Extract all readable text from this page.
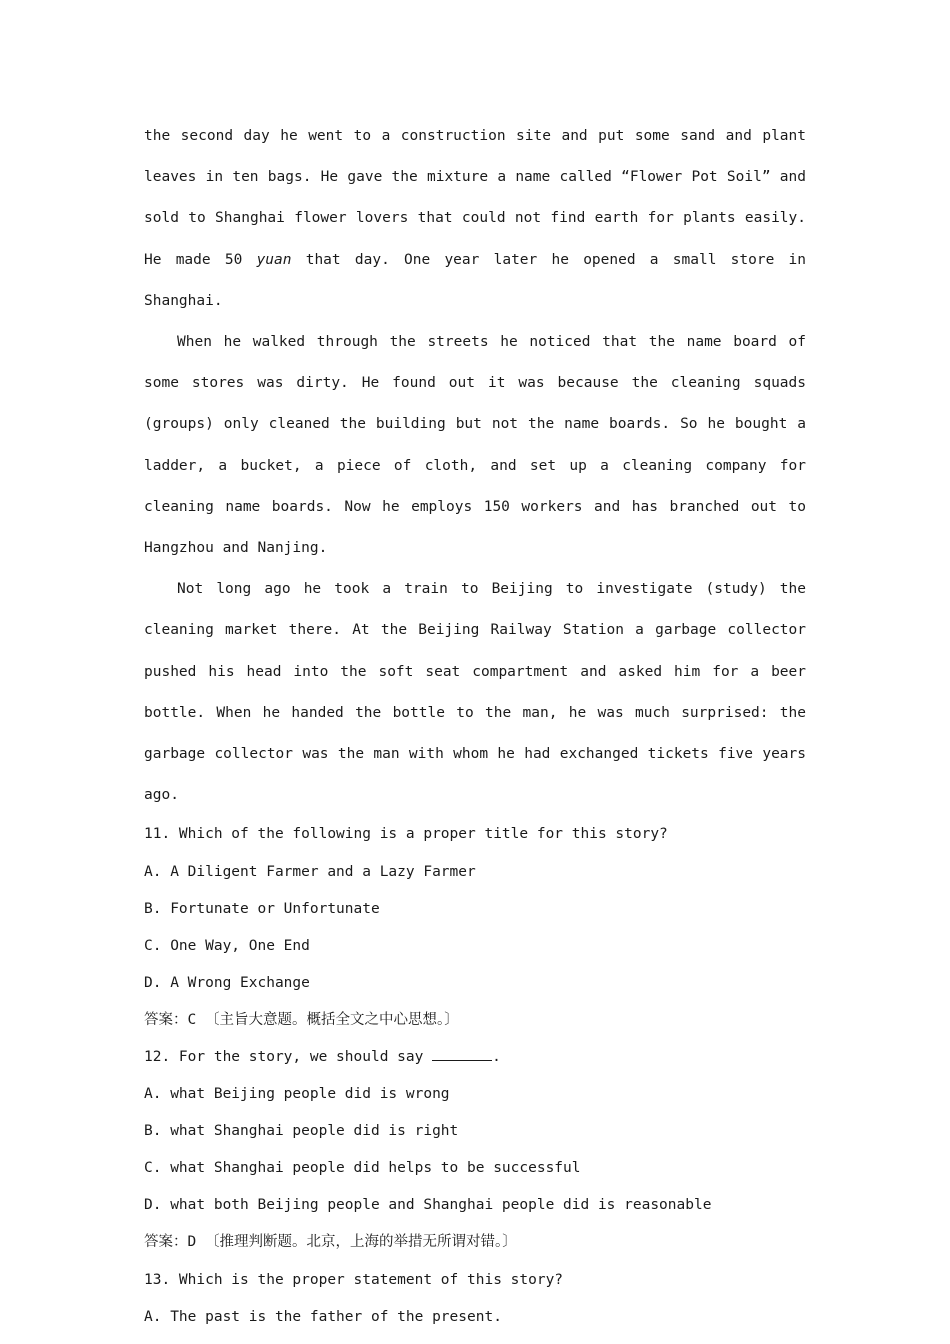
the second day he went to a construction site and put some sand and plant leaves in ten bags. He gave the mixture a name called “Flower Pot Soil” and sold to Shanghai flower lovers that could not find earth for plants easily. He made 50 yuan that day. One year later he opened a small store in Shanghai.

When he walked through the streets he noticed that the name board of some stores was dirty. He found out it was because the cleaning squads (groups) only cleaned the building but not the name boards. So he bought a ladder, a bucket, a piece of cloth, and set up a cleaning company for cleaning name boards. Now he employs 150 workers and has branched out to Hangzhou and Nanjing.

Not long ago he took a train to Beijing to investigate (study) the cleaning market there. At the Beijing Railway Station a garbage collector pushed his head into the soft seat compartment and asked him for a beer bottle. When he handed the bottle to the man, he was much surprised: the garbage collector was the man with whom he had exchanged tickets five years ago.

11. Which of the following is a proper title for this story?

A. A Diligent Farmer and a Lazy Farmer

B. Fortunate or Unfortunate

C. One Way, One End

D. A Wrong Exchange

答案：C 〔主旨大意题。概括全文之中心思想。〕

12. For the story, we should say	.

A. what Beijing people did is wrong

B. what Shanghai people did is right

C. what Shanghai people did helps to be successful

D. what both Beijing people and Shanghai people did is reasonable

答案：D 〔推理判断题。北京，上海的举措无所谓对错。〕

13. Which is the proper statement of this story?

A. The past is the father of the present.
